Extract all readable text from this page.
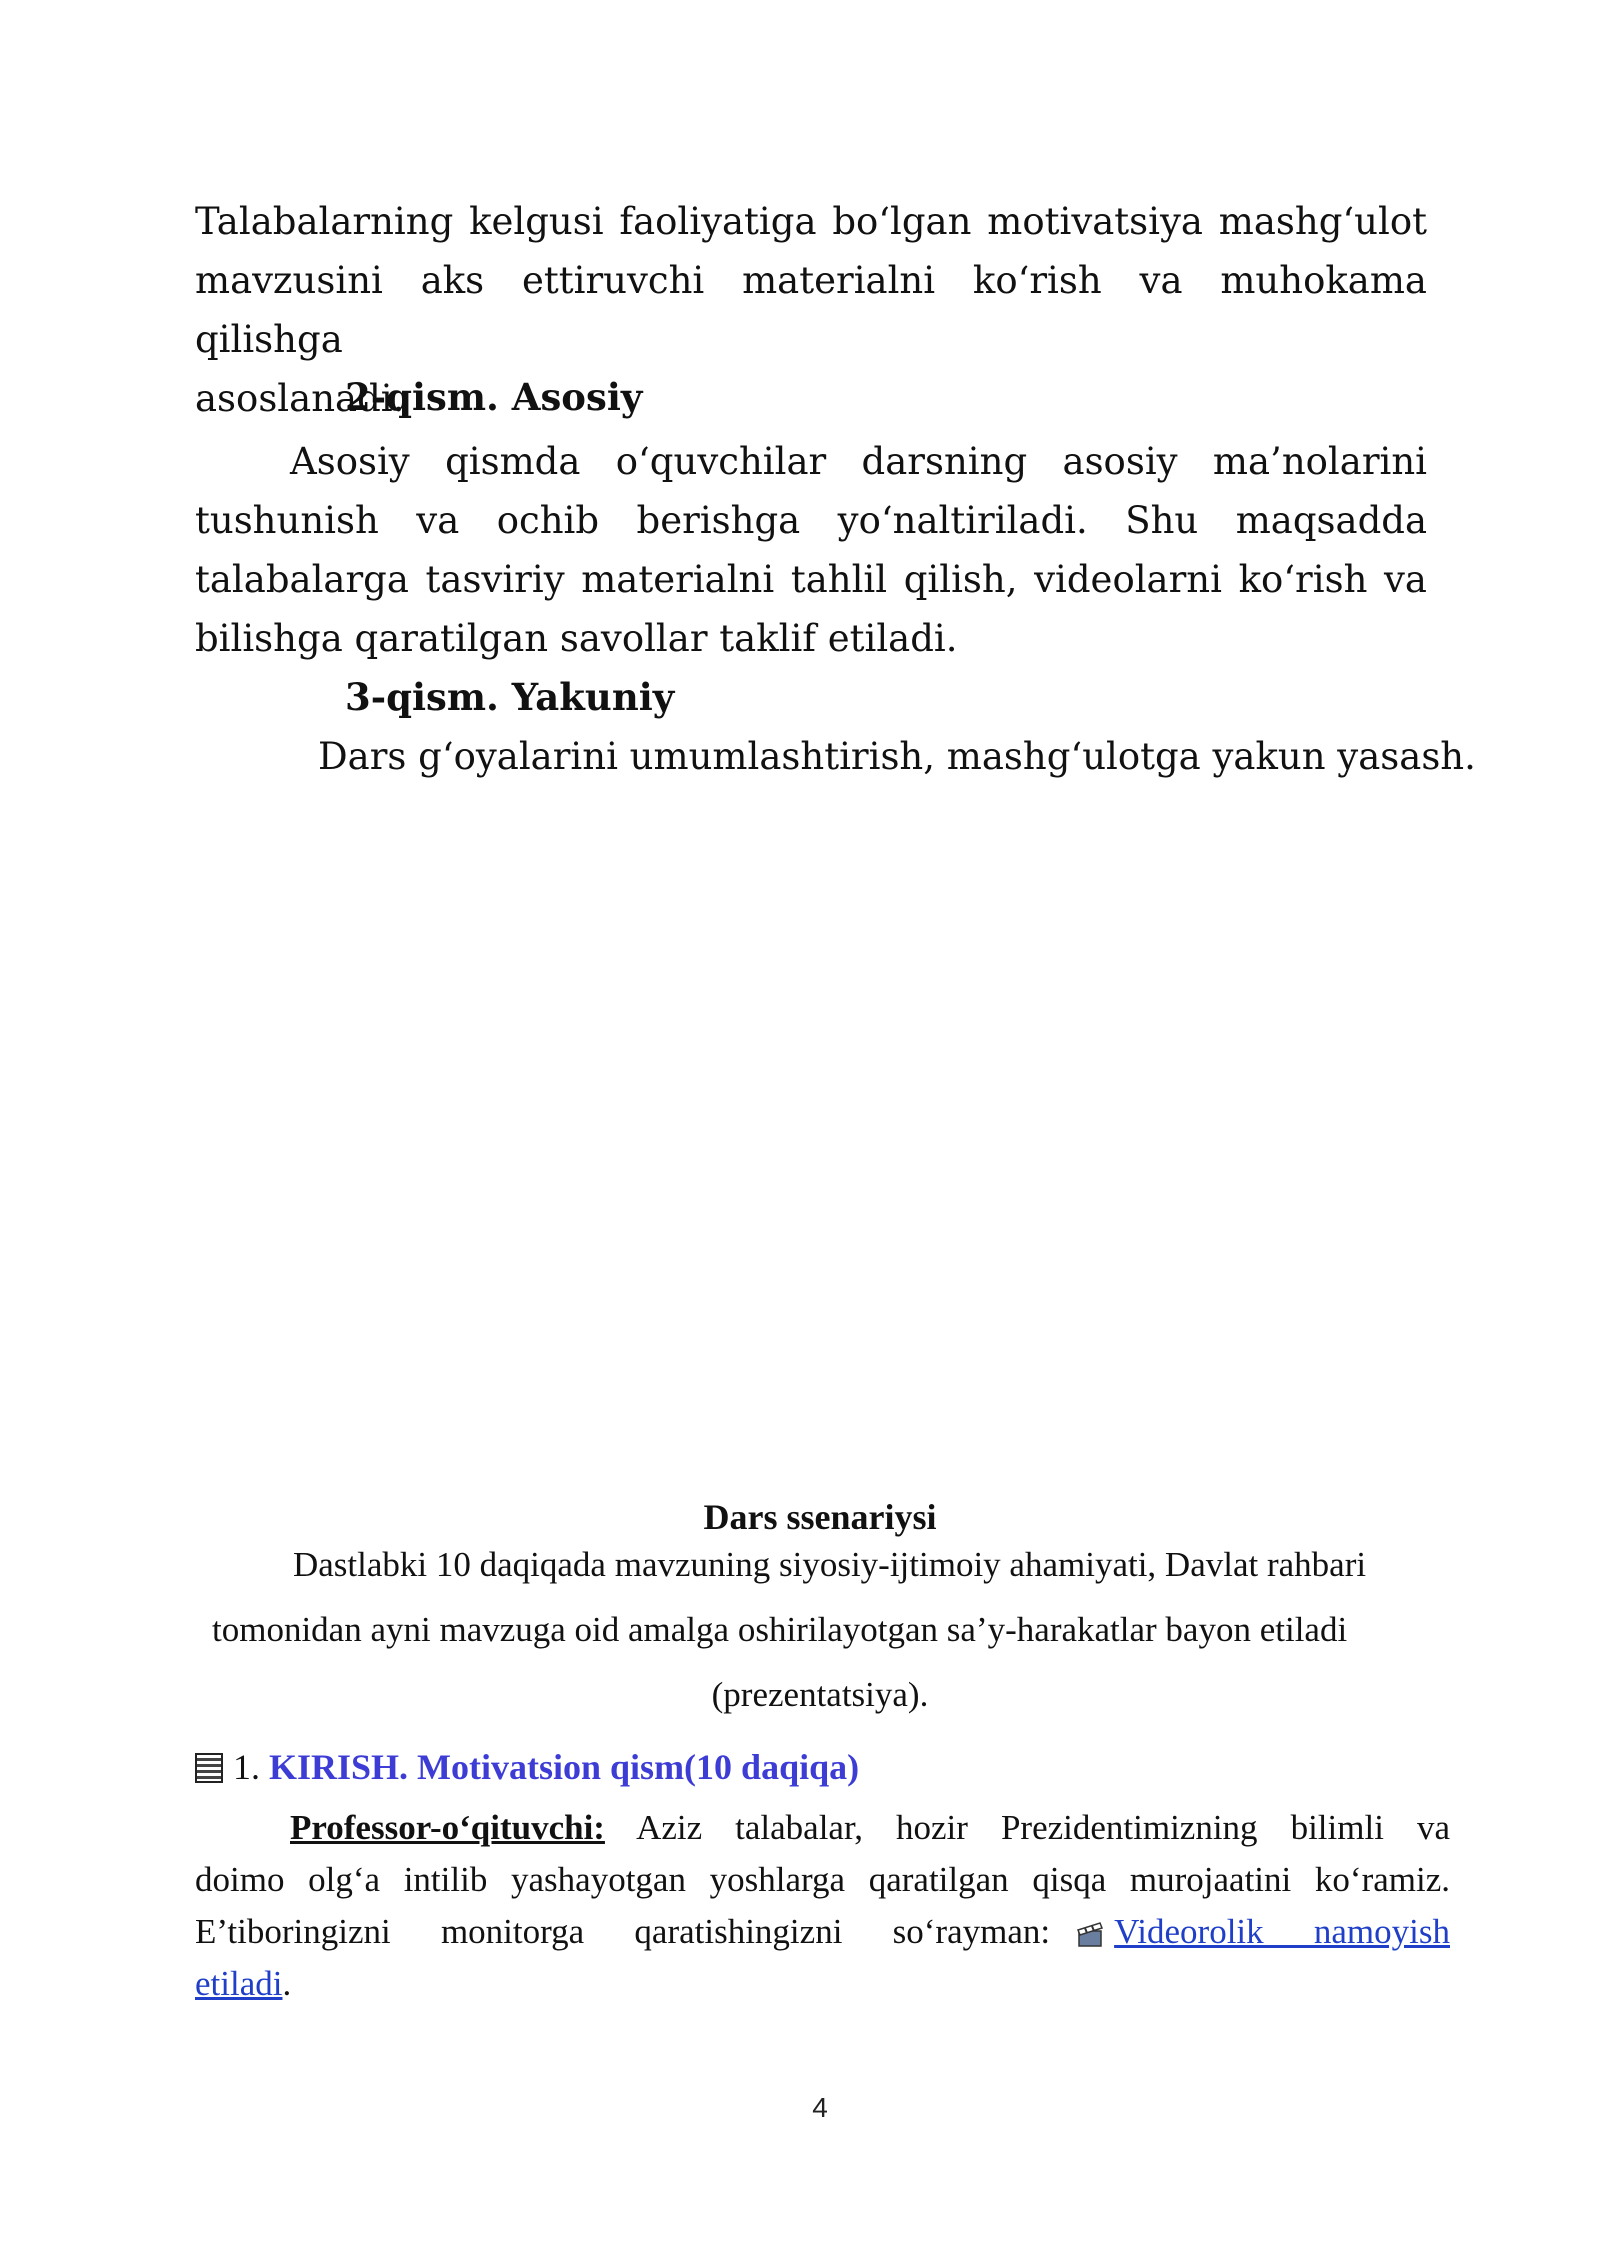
Talabalarning kelgusi faoliyatiga bo‘lgan motivatsiya mashg‘ulot
mavzusini aks ettiruvchi materialni ko‘rish va muhokama qilishga
asoslanadi.
2-qism. Asosiy
Asosiy qismda o‘quvchilar darsning asosiy ma’nolarini
tushunish va ochib berishga yo‘naltiriladi. Shu maqsadda
talabalarga tasviriy materialni tahlil qilish, videolarni ko‘rish va
bilishga qaratilgan savollar taklif etiladi.
3-qism. Yakuniy
Dars g‘oyalarini umumlashtirish, mashg‘ulotga yakun yasash.
Dars ssenariysi
Dastlabki 10 daqiqada mavzuning siyosiy-ijtimoiy ahamiyati, Davlat rahbari
tomonidan ayni mavzuga oid amalga oshirilayotgan sa’y-harakatlar bayon etiladi
(prezentatsiya).
1. KIRISH. Motivatsion qism(10 daqiqa)
Professor-o‘qituvchi: Aziz talabalar, hozir Prezidentimizning bilimli va
doimo olg‘a intilib yashayotgan yoshlarga qaratilgan qisqa murojaatini ko‘ramiz.
E’tiboringizni monitorga qaratishingizni so‘rayman: Videorolik namoyish
etiladi.
4
